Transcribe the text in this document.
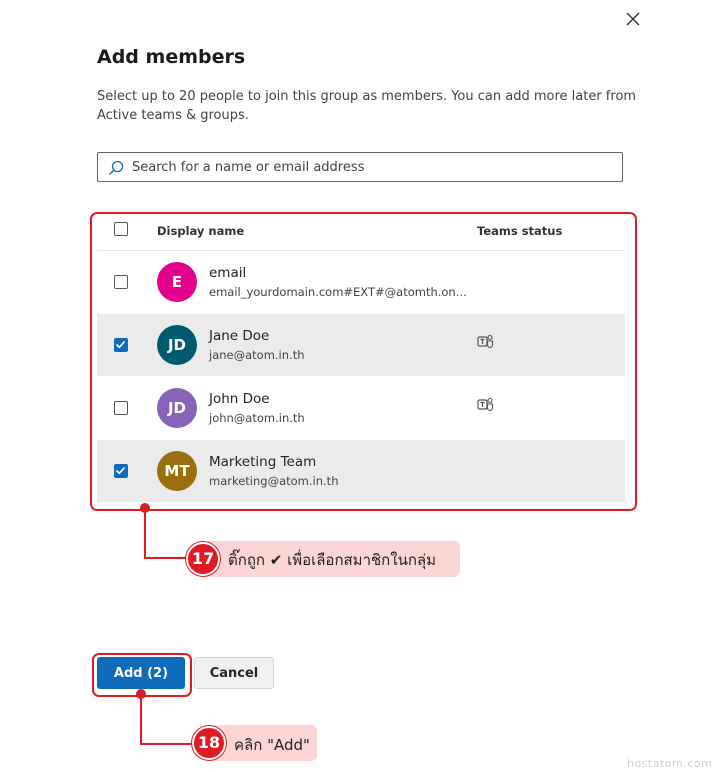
Add members
Select up to 20 people to join this group as members. You can add more later from Active teams & groups.
Search for a name or email address
Display name	Teams status
E	email
email_yourdomain.com#EXT#@atomth.on...
JD	Jane Doe
jane@atom.in.th
JD	John Doe
john@atom.in.th
MT	Marketing Team
marketing@atom.in.th
ติ๊กถูก ✔ เพื่อเลือกสมาชิกในกลุ่ม
17
Add (2)	Cancel
คลิก "Add"
18
hostatom.com
